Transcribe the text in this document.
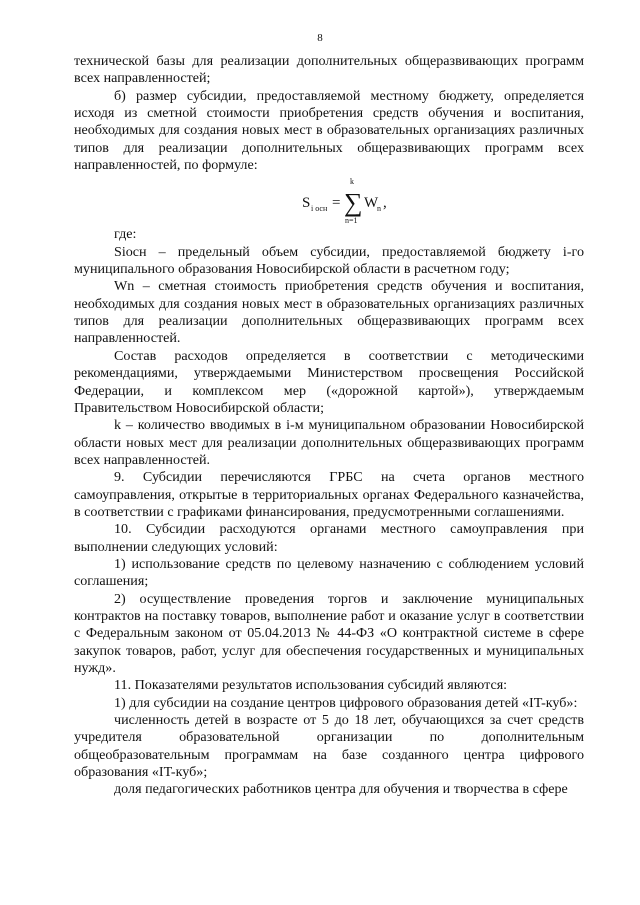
8

технической базы для реализации дополнительных общеразвивающих программ всех направленностей;

б) размер субсидии, предоставляемой местному бюджету, определяется исходя из сметной стоимости приобретения средств обучения и воспитания, необходимых для создания новых мест в образовательных организациях различных типов для реализации дополнительных общеразвивающих программ всех направленностей, по формуле:

S i осн =
k
∑
n=1
W
n ,

где:

Sioсн – предельный объем субсидии, предоставляемой бюджету i-го муниципального образования Новосибирской области в расчетном году;

Wn – сметная стоимость приобретения средств обучения и воспитания, необходимых для создания новых мест в образовательных организациях различных типов для реализации дополнительных общеразвивающих программ всех направленностей.

Состав расходов определяется в соответствии с методическими рекомендациями, утверждаемыми Министерством просвещения Российской Федерации, и комплексом мер («дорожной картой»), утверждаемым Правительством Новосибирской области;

k – количество вводимых в i-м муниципальном образовании Новосибирской области новых мест для реализации дополнительных общеразвивающих программ всех направленностей.

9. Субсидии перечисляются ГРБС на счета органов местного самоуправления, открытые в территориальных органах Федерального казначейства, в соответствии с графиками финансирования, предусмотренными соглашениями.

10. Субсидии расходуются органами местного самоуправления при выполнении следующих условий:

1) использование средств по целевому назначению с соблюдением условий соглашения;

2) осуществление проведения торгов и заключение муниципальных контрактов на поставку товаров, выполнение работ и оказание услуг в соответствии с Федеральным законом от 05.04.2013 № 44-ФЗ «О контрактной системе в сфере закупок товаров, работ, услуг для обеспечения государственных и муниципальных нужд».

11. Показателями результатов использования субсидий являются:

1) для субсидии на создание центров цифрового образования детей «IT-куб»:

численность детей в возрасте от 5 до 18 лет, обучающихся за счет средств учредителя образовательной организации по дополнительным общеобразовательным программам на базе созданного центра цифрового образования «IT-куб»;

доля педагогических работников центра для обучения и творчества в сфере
